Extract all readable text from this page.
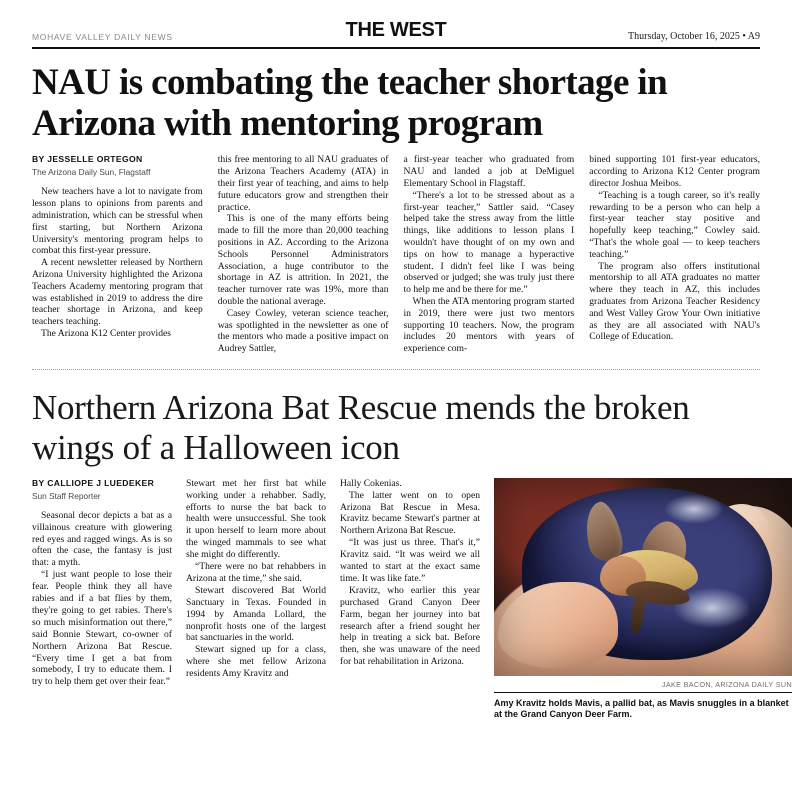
MOHAVE VALLEY DAILY NEWS	THE WEST	Thursday, October 16, 2025 • A9
NAU is combating the teacher shortage in Arizona with mentoring program
BY JESSELLE ORTEGON
The Arizona Daily Sun, Flagstaff

New teachers have a lot to navigate from lesson plans to opinions from parents and administration, which can be stressful when first starting, but Northern Arizona University's mentoring program helps to combat this first-year pressure.

A recent newsletter released by Northern Arizona University highlighted the Arizona Teachers Academy mentoring program that was established in 2019 to address the dire teacher shortage in Arizona, and keep teachers teaching.

The Arizona K12 Center provides

this free mentoring to all NAU graduates of the Arizona Teachers Academy (ATA) in their first year of teaching, and aims to help future educators grow and strengthen their practice.

This is one of the many efforts being made to fill the more than 20,000 teaching positions in AZ. According to the Arizona Schools Personnel Administrators Association, a huge contributor to the shortage in AZ is attrition. In 2021, the teacher turnover rate was 19%, more than double the national average.

Casey Cowley, veteran science teacher, was spotlighted in the newsletter as one of the mentors who made a positive impact on Audrey Sattler,

a first-year teacher who graduated from NAU and landed a job at DeMiguel Elementary School in Flagstaff.

“There's a lot to be stressed about as a first-year teacher,” Sattler said. “Casey helped take the stress away from the little things, like additions to lesson plans I wouldn't have thought of on my own and tips on how to manage a hyperactive student. I didn't feel like I was being observed or judged; she was truly just there to help me and be there for me.”

When the ATA mentoring program started in 2019, there were just two mentors supporting 10 teachers. Now, the program includes 20 mentors with years of experience com-

bined supporting 101 first-year educators, according to Arizona K12 Center program director Joshua Meibos.

“Teaching is a tough career, so it's really rewarding to be a person who can help a first-year teacher stay positive and hopefully keep teaching,” Cowley said. “That's the whole goal — to keep teachers teaching.”

The program also offers institutional mentorship to all ATA graduates no matter where they teach in AZ, this includes graduates from Arizona Teacher Residency and West Valley Grow Your Own initiative as they are all associated with NAU's College of Education.

Northern Arizona Bat Rescue mends the broken wings of a Halloween icon
BY CALLIOPE J LUEDEKER
Sun Staff Reporter

Seasonal decor depicts a bat as a villainous creature with glowering red eyes and ragged wings. As is so often the case, the fantasy is just that: a myth.

“I just want people to lose their fear. People think they all have rabies and if a bat flies by them, they're going to get rabies. There's so much misinformation out there,” said Bonnie Stewart, co-owner of Northern Arizona Bat Rescue. “Every time I get a bat from somebody, I try to educate them. I try to help them get over their fear.”

Stewart met her first bat while working under a rehabber. Sadly, efforts to nurse the bat back to health were unsuccessful. She took it upon herself to learn more about the winged mammals to see what she might do differently.

“There were no bat rehabbers in Arizona at the time,” she said.

Stewart discovered Bat World Sanctuary in Texas. Founded in 1994 by Amanda Lollard, the nonprofit hosts one of the largest bat sanctuaries in the world.

Stewart signed up for a class, where she met fellow Arizona residents Amy Kravitz and

Hally Cokenias.

The latter went on to open Arizona Bat Rescue in Mesa. Kravitz became Stewart's partner at Northern Arizona Bat Rescue.

“It was just us three. That's it,” Kravitz said. “It was weird we all wanted to start at the exact same time. It was like fate.”

Kravitz, who earlier this year purchased Grand Canyon Deer Farm, began her journey into bat research after a friend sought her help in treating a sick bat. Before then, she was unaware of the need for bat rehabilitation in Arizona.

JAKE BACON, ARIZONA DAILY SUN

Amy Kravitz holds Mavis, a pallid bat, as Mavis snuggles in a blanket at the Grand Canyon Deer Farm.
